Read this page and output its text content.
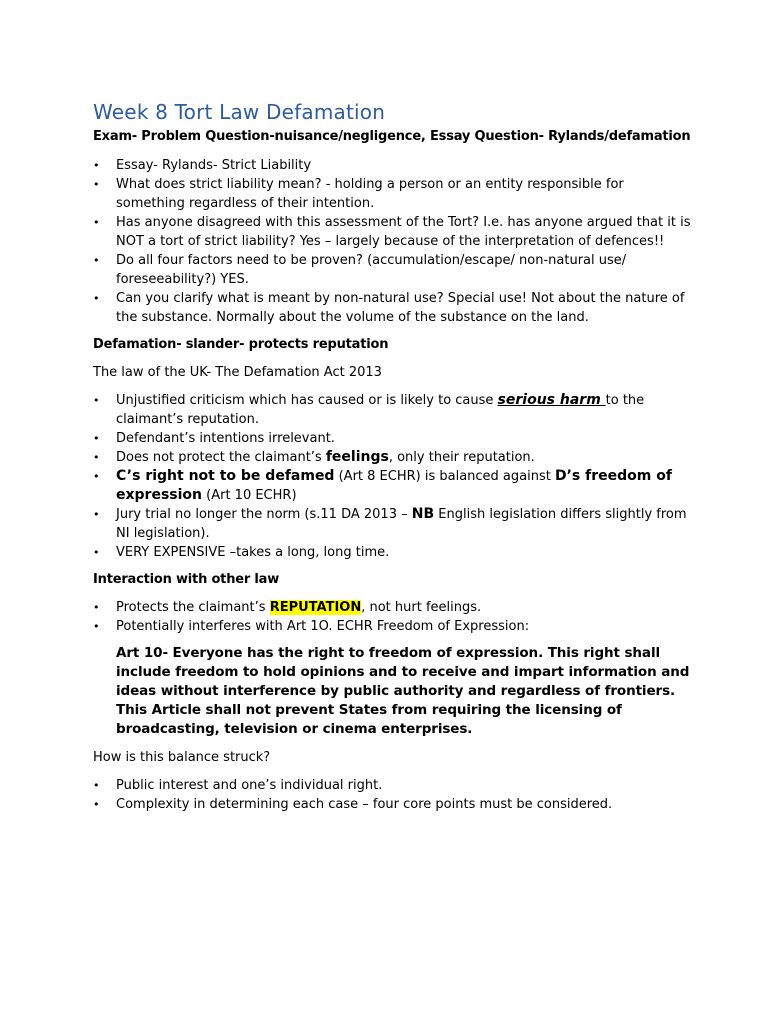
Week 8 Tort Law Defamation
Exam- Problem Question-nuisance/negligence, Essay Question- Rylands/defamation
• Essay- Rylands- Strict Liability
• What does strict liability mean? - holding a person or an entity responsible for something regardless of their intention.
• Has anyone disagreed with this assessment of the Tort? I.e. has anyone argued that it is NOT a tort of strict liability? Yes – largely because of the interpretation of defences!!
• Do all four factors need to be proven? (accumulation/escape/ non-natural use/ foreseeability?) YES.
• Can you clarify what is meant by non-natural use? Special use! Not about the nature of the substance. Normally about the volume of the substance on the land.
Defamation- slander- protects reputation
The law of the UK- The Defamation Act 2013
• Unjustified criticism which has caused or is likely to cause serious harm to the claimant’s reputation.
• Defendant’s intentions irrelevant.
• Does not protect the claimant’s feelings, only their reputation.
• C’s right not to be defamed (Art 8 ECHR) is balanced against D’s freedom of expression (Art 10 ECHR)
• Jury trial no longer the norm (s.11 DA 2013 – NB English legislation differs slightly from NI legislation).
• VERY EXPENSIVE –takes a long, long time.
Interaction with other law
• Protects the claimant’s REPUTATION, not hurt feelings.
• Potentially interferes with Art 1O. ECHR Freedom of Expression:
Art 10- Everyone has the right to freedom of expression. This right shall include freedom to hold opinions and to receive and impart information and ideas without interference by public authority and regardless of frontiers. This Article shall not prevent States from requiring the licensing of broadcasting, television or cinema enterprises.
How is this balance struck?
• Public interest and one’s individual right.
• Complexity in determining each case – four core points must be considered.
